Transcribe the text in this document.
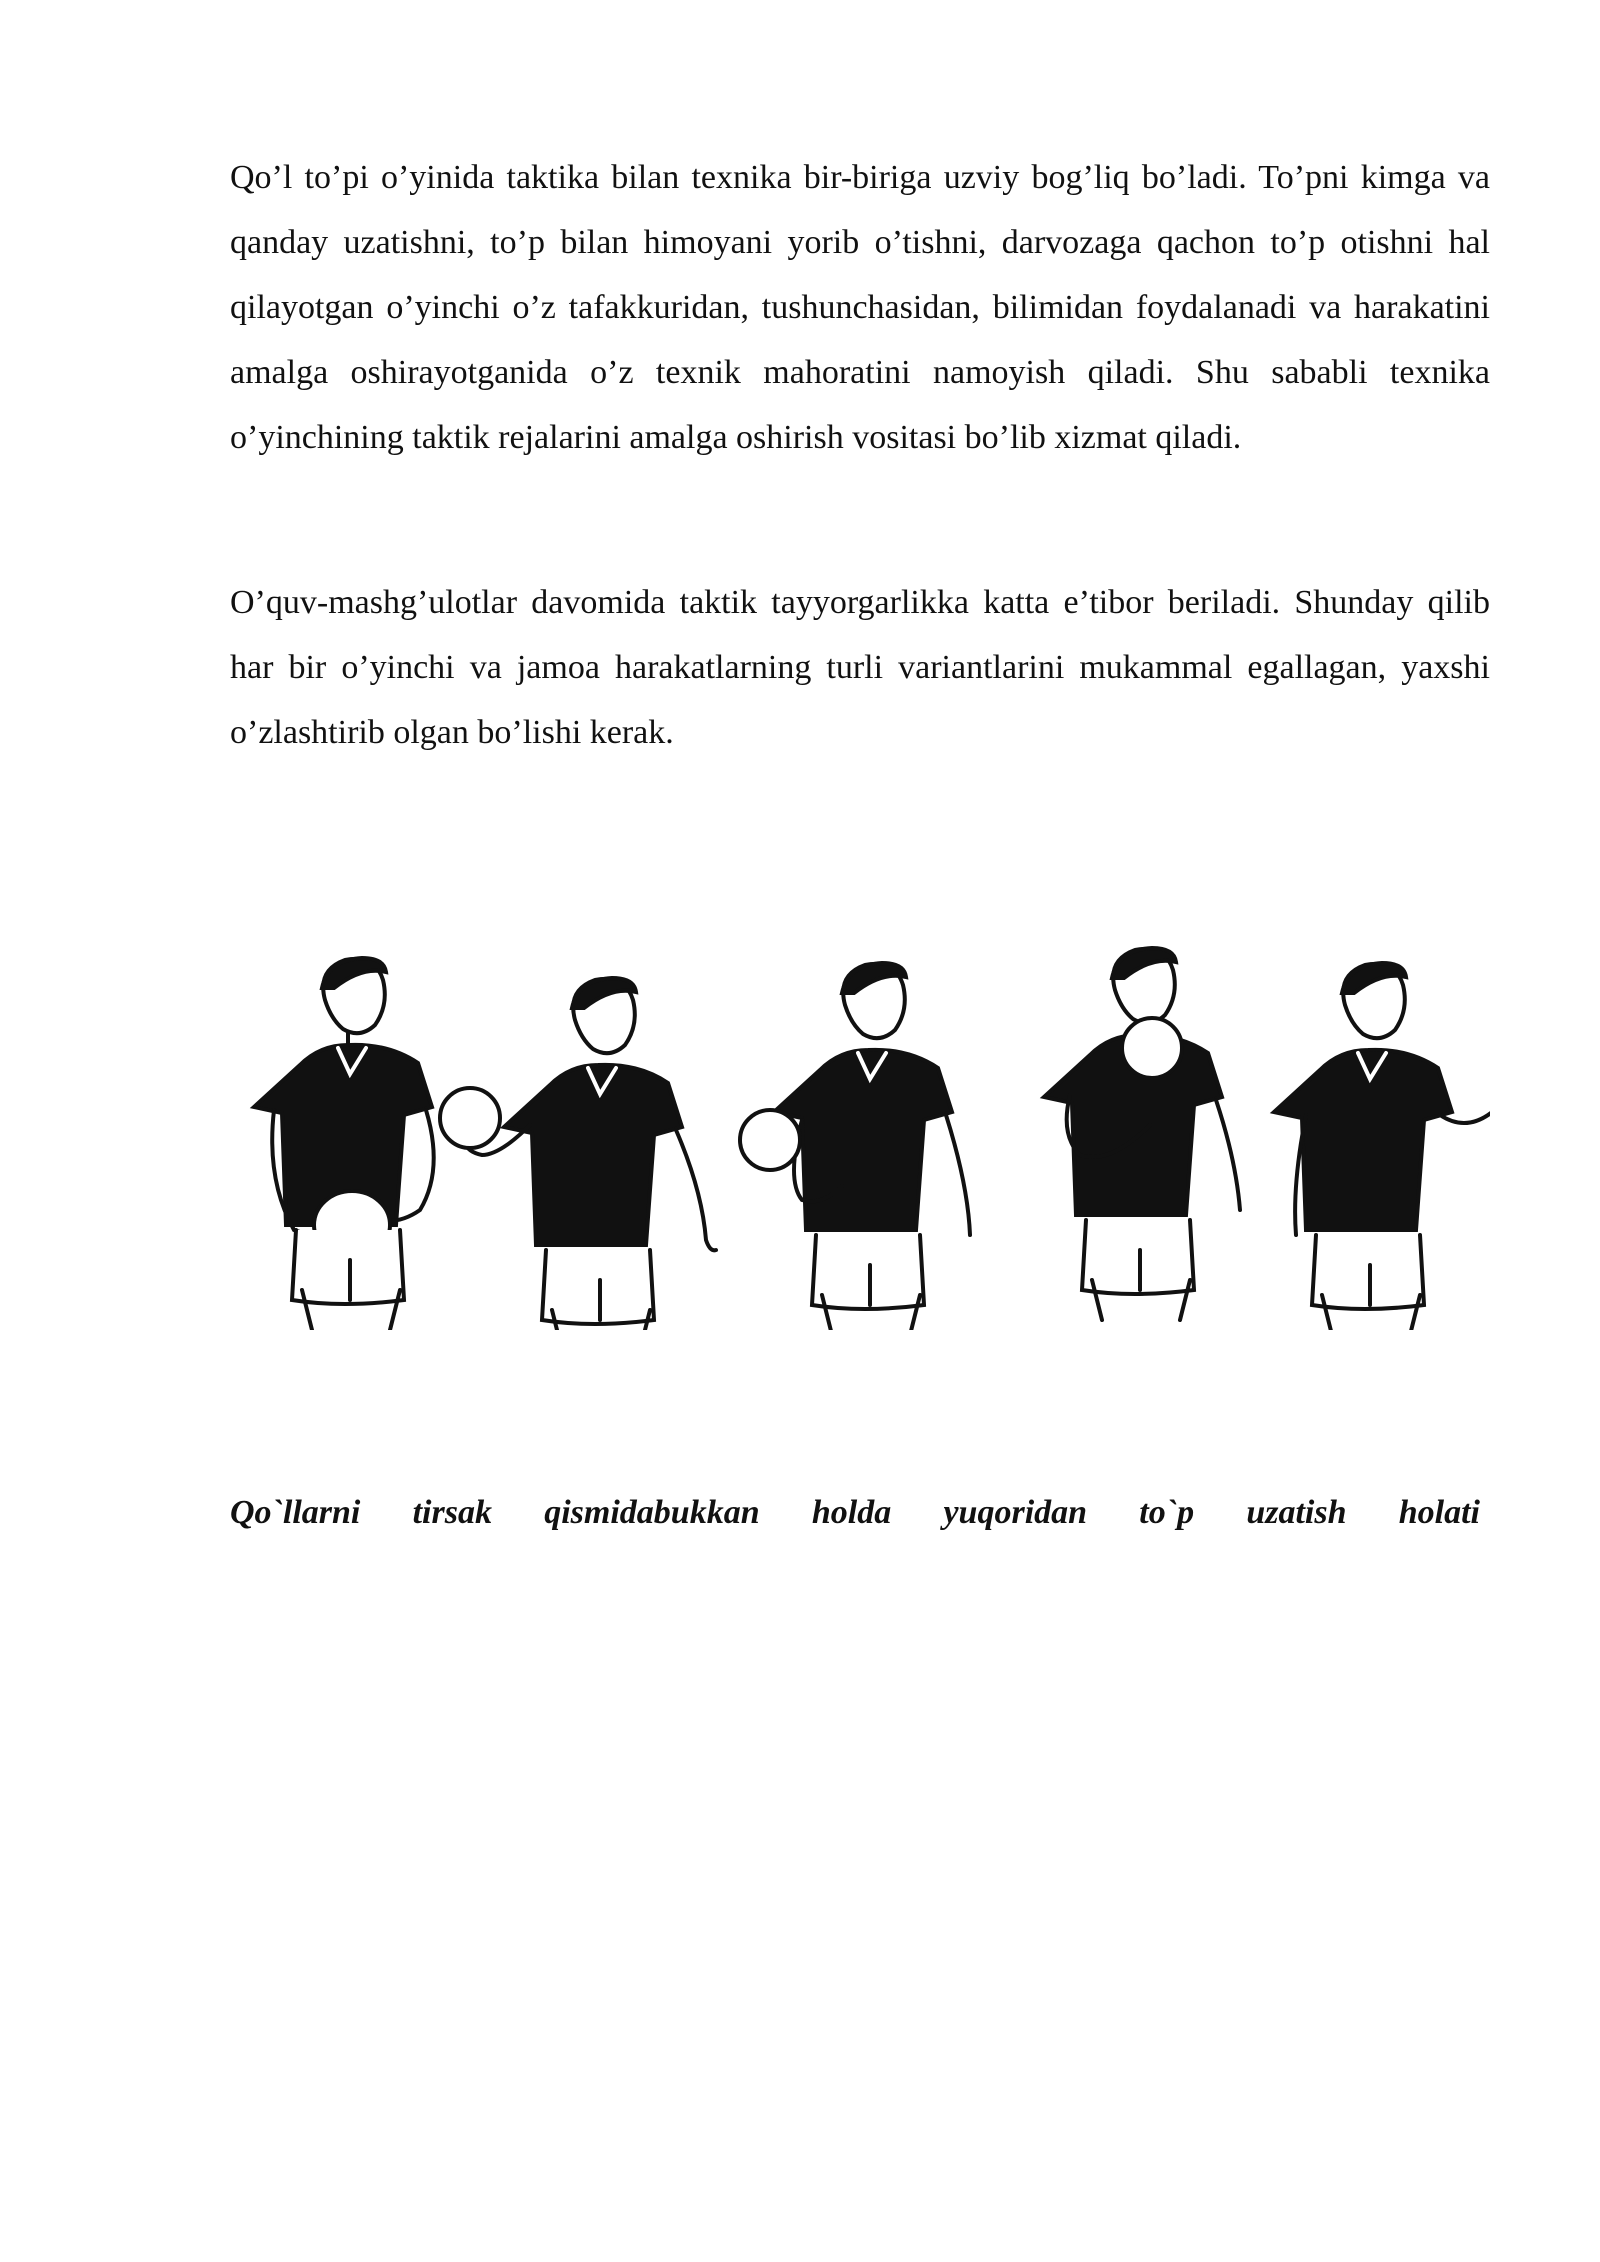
Qo’l to’pi o’yinida taktika bilan texnika bir-biriga uzviy bog’liq bo’ladi. To’pni kimga va qanday uzatishni, to’p bilan himoyani yorib o’tishni, darvozaga qachon to’p otishni hal qilayotgan o’yinchi o’z tafakkuridan, tushunchasidan, bilimidan foydalanadi va harakatini amalga oshirayotganida o’z texnik mahoratini namoyish qiladi. Shu sababli texnika o’yinchining taktik rejalarini amalga oshirish vositasi bo’lib xizmat qiladi.

O’quv-mashg’ulotlar davomida taktik tayyorgarlikka katta e’tibor beriladi. Shunday qilib har bir o’yinchi va jamoa harakatlarning turli variantlarini mukammal egallagan, yaxshi o’zlashtirib olgan bo’lishi kerak.

Qo`llarni tirsak qismidabukkan holda yuqoridan to`p uzatish holati
